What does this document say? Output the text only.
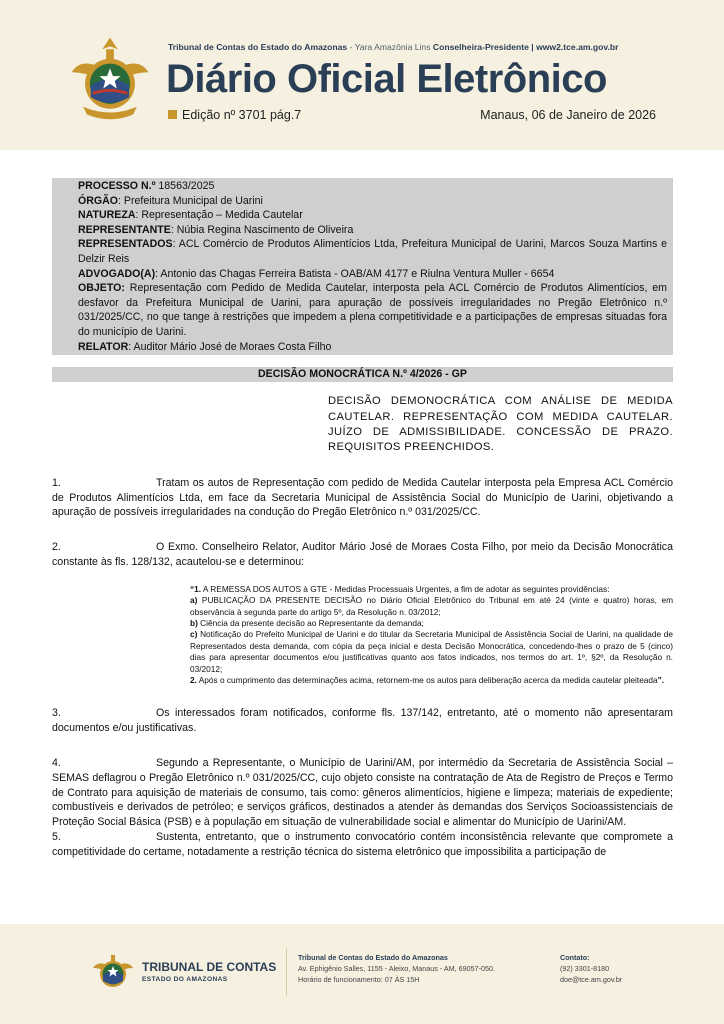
Tribunal de Contas do Estado do Amazonas - Yara Amazônia Lins Conselheira-Presidente | www2.tce.am.gov.br
Diário Oficial Eletrônico
Edição nº 3701 pág.7	Manaus, 06 de Janeiro de 2026

PROCESSO N.º 18563/2025

ÓRGÃO: Prefeitura Municipal de Uarini

NATUREZA: Representação – Medida Cautelar

REPRESENTANTE: Núbia Regina Nascimento de Oliveira

REPRESENTADOS: ACL Comércio de Produtos Alimentícios Ltda, Prefeitura Municipal de Uarini, Marcos Souza Martins e Delzir Reis

ADVOGADO(A): Antonio das Chagas Ferreira Batista - OAB/AM 4177 e Riulna Ventura Muller - 6654

OBJETO: Representação com Pedido de Medida Cautelar, interposta pela ACL Comércio de Produtos Alimentícios, em desfavor da Prefeitura Municipal de Uarini, para apuração de possíveis irregularidades no Pregão Eletrônico n.º 031/2025/CC, no que tange à restrições que impedem a plena competitividade e a participações de empresas situadas fora do município de Uarini.

RELATOR: Auditor Mário José de Moraes Costa Filho

DECISÃO MONOCRÁTICA N.º 4/2026 - GP
DECISÃO DEMONOCRÁTICA COM ANÁLISE DE MEDIDA CAUTELAR. REPRESENTAÇÃO COM MEDIDA CAUTELAR. JUÍZO DE ADMISSIBILIDADE. CONCESSÃO DE PRAZO. REQUISITOS PREENCHIDOS.
1.	Tratam os autos de Representação com pedido de Medida Cautelar interposta pela Empresa ACL Comércio de Produtos Alimentícios Ltda, em face da Secretaria Municipal de Assistência Social do Município de Uarini, objetivando a apuração de possíveis irregularidades na condução do Pregão Eletrônico n.º 031/2025/CC.
2.	O Exmo. Conselheiro Relator, Auditor Mário José de Moraes Costa Filho, por meio da Decisão Monocrática constante às fls. 128/132, acautelou-se e determinou:

“1. A REMESSA DOS AUTOS à GTE - Medidas Processuais Urgentes, a fim de adotar as seguintes providências:

a) PUBLICAÇÃO DA PRESENTE DECISÃO no Diário Oficial Eletrônico do Tribunal em até 24 (vinte e quatro) horas, em observância à segunda parte do artigo 5º, da Resolução n. 03/2012;

b) Ciência da presente decisão ao Representante da demanda;

c) Notificação do Prefeito Municipal de Uarini e do titular da Secretaria Municipal de Assistência Social de Uarini, na qualidade de Representados desta demanda, com cópia da peça inicial e desta Decisão Monocrática, concedendo-lhes o prazo de 5 (cinco) dias para apresentar documentos e/ou justificativas quanto aos fatos indicados, nos termos do art. 1º, §2º, da Resolução n. 03/2012;

2. Após o cumprimento das determinações acima, retornem-me os autos para deliberação acerca da medida cautelar pleiteada”.

3.	Os interessados foram notificados, conforme fls. 137/142, entretanto, até o momento não apresentaram documentos e/ou justificativas.
4.	Segundo a Representante, o Município de Uarini/AM, por intermédio da Secretaria de Assistência Social – SEMAS deflagrou o Pregão Eletrônico n.º 031/2025/CC, cujo objeto consiste na contratação de Ata de Registro de Preços e Termo de Contrato para aquisição de materiais de consumo, tais como: gêneros alimentícios, higiene e limpeza; materiais de expediente; combustíveis e derivados de petróleo; e serviços gráficos, destinados a atender às demandas dos Serviços Socioassistenciais de Proteção Social Básica (PSB) e à população em situação de vulnerabilidade social e alimentar do Município de Uarini/AM.
5.	Sustenta, entretanto, que o instrumento convocatório contém inconsistência relevante que compromete a competitividade do certame, notadamente a restrição técnica do sistema eletrônico que impossibilita a participação de
TRIBUNAL DE CONTAS
ESTADO DO AMAZONAS
Tribunal de Contas do Estado do Amazonas
Av. Ephigênio Salles, 1155 - Aleixo, Manaus - AM, 69057-050.
Horário de funcionamento: 07 ÀS 15H
Contato:
(92) 3301-8180
doe@tce.am.gov.br
